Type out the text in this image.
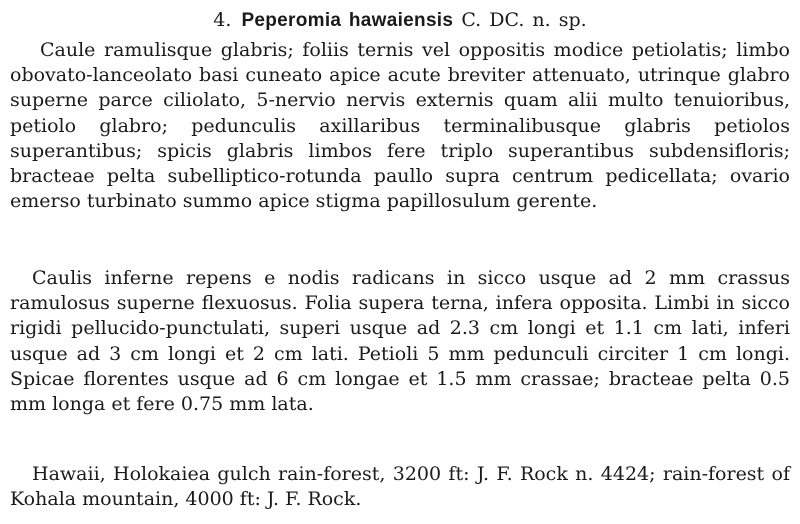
4. Peperomia hawaiensis C. DC. n. sp.

Caule ramulisque glabris; foliis ternis vel oppositis modice petiolatis; limbo obovato-lanceolato basi cuneato apice acute breviter attenuato, utrinque glabro superne parce ciliolato, 5-nervio nervis externis quam alii multo tenuioribus, petiolo glabro; pedunculis axillaribus terminalibusque glabris petiolos superantibus; spicis glabris limbos fere triplo superantibus subdensifloris; bracteae pelta subelliptico-rotunda paullo supra centrum pedicellata; ovario emerso turbinato summo apice stigma papillosulum gerente.

Caulis inferne repens e nodis radicans in sicco usque ad 2 mm crassus ramulosus superne flexuosus. Folia supera terna, infera opposita. Limbi in sicco rigidi pellucido-punctulati, superi usque ad 2.3 cm longi et 1.1 cm lati, inferi usque ad 3 cm longi et 2 cm lati. Petioli 5 mm pedunculi circiter 1 cm longi. Spicae florentes usque ad 6 cm longae et 1.5 mm crassae; bracteae pelta 0.5 mm longa et fere 0.75 mm lata.

Hawaii, Holokaiea gulch rain-forest, 3200 ft: J. F. Rock n. 4424; rain-forest of Kohala mountain, 4000 ft: J. F. Rock.
